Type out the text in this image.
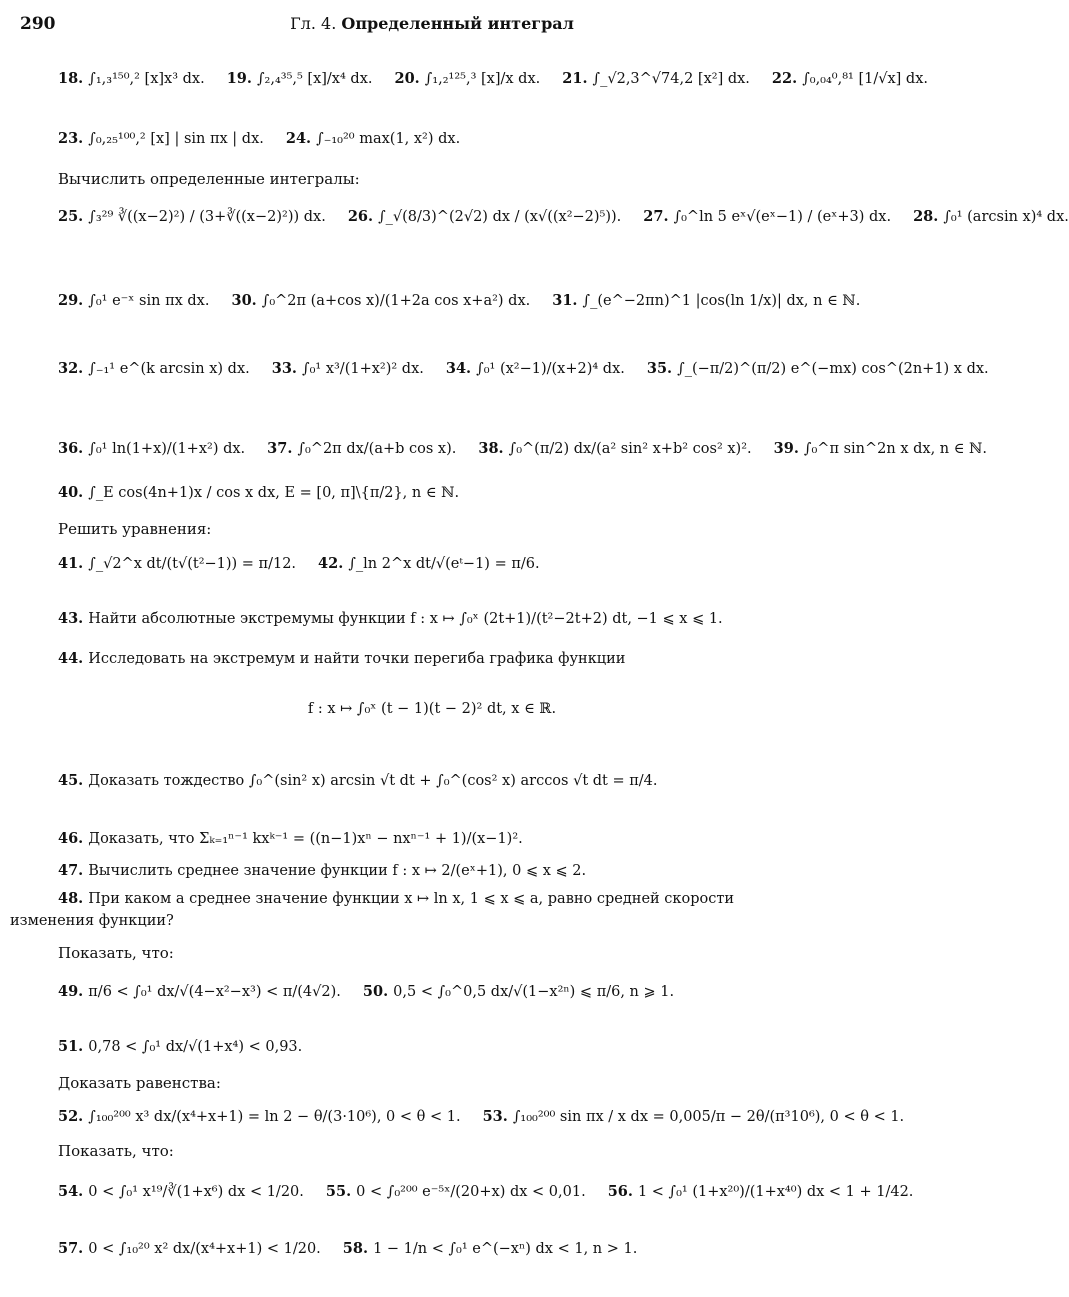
290	Гл. 4. Определенный интеграл
18. ∫₁,₃¹⁵⁰,² [x]x³ dx. 19. ∫₂,₄³⁵,⁵ [x]/x⁴ dx. 20. ∫₁,₂¹²⁵,³ [x]/x dx. 21. ∫_√2,3^√74,2 [x²] dx. 22. ∫₀,₀₄⁰,⁸¹ [1/√x] dx.
23. ∫₀,₂₅¹⁰⁰,² [x] | sin πx | dx. 24. ∫₋₁₀²⁰ max(1, x²) dx.
Вычислить определенные интегралы:
25. ∫₃²⁹ ∛((x−2)²) / (3+∛((x−2)²)) dx. 26. ∫_√(8/3)^(2√2) dx / (x√((x²−2)⁵)). 27. ∫₀^ln 5 eˣ√(eˣ−1) / (eˣ+3) dx. 28. ∫₀¹ (arcsin x)⁴ dx.
29. ∫₀¹ e⁻ˣ sin πx dx. 30. ∫₀^2π (a+cos x)/(1+2a cos x+a²) dx. 31. ∫_(e^−2πn)^1 |cos(ln 1/x)| dx, n ∈ ℕ.
32. ∫₋₁¹ e^(k arcsin x) dx. 33. ∫₀¹ x³/(1+x²)² dx. 34. ∫₀¹ (x²−1)/(x+2)⁴ dx. 35. ∫_(−π/2)^(π/2) e^(−mx) cos^(2n+1) x dx.
36. ∫₀¹ ln(1+x)/(1+x²) dx. 37. ∫₀^2π dx/(a+b cos x). 38. ∫₀^(π/2) dx/(a² sin² x+b² cos² x)². 39. ∫₀^π sin^2n x dx, n ∈ ℕ.
40. ∫_E cos(4n+1)x / cos x dx, E = [0, π]\{π/2}, n ∈ ℕ.
Решить уравнения:
41. ∫_√2^x dt/(t√(t²−1)) = π/12. 42. ∫_ln 2^x dt/√(eᵗ−1) = π/6.
43. Найти абсолютные экстремумы функции f : x ↦ ∫₀ˣ (2t+1)/(t²−2t+2) dt, −1 ⩽ x ⩽ 1.
44. Исследовать на экстремум и найти точки перегиба графика функции
f : x ↦ ∫₀ˣ (t − 1)(t − 2)² dt, x ∈ ℝ.
45. Доказать тождество ∫₀^(sin² x) arcsin √t dt + ∫₀^(cos² x) arccos √t dt = π/4.
46. Доказать, что Σₖ₌₁ⁿ⁻¹ kxᵏ⁻¹ = ((n−1)xⁿ − nxⁿ⁻¹ + 1)/(x−1)².
47. Вычислить среднее значение функции f : x ↦ 2/(eˣ+1), 0 ⩽ x ⩽ 2.
48. При каком a среднее значение функции x ↦ ln x, 1 ⩽ x ⩽ a, равно средней скорости
изменения функции?
Показать, что:
49. π/6 < ∫₀¹ dx/√(4−x²−x³) < π/(4√2). 50. 0,5 < ∫₀^0,5 dx/√(1−x²ⁿ) ⩽ π/6, n ⩾ 1.
51. 0,78 < ∫₀¹ dx/√(1+x⁴) < 0,93.
Доказать равенства:
52. ∫₁₀₀²⁰⁰ x³ dx/(x⁴+x+1) = ln 2 − θ/(3·10⁶), 0 < θ < 1. 53. ∫₁₀₀²⁰⁰ sin πx / x dx = 0,005/π − 2θ/(π³10⁶), 0 < θ < 1.
Показать, что:
54. 0 < ∫₀¹ x¹⁹/∛(1+x⁶) dx < 1/20. 55. 0 < ∫₀²⁰⁰ e⁻⁵ˣ/(20+x) dx < 0,01. 56. 1 < ∫₀¹ (1+x²⁰)/(1+x⁴⁰) dx < 1 + 1/42.
57. 0 < ∫₁₀²⁰ x² dx/(x⁴+x+1) < 1/20. 58. 1 − 1/n < ∫₀¹ e^(−xⁿ) dx < 1, n > 1.
